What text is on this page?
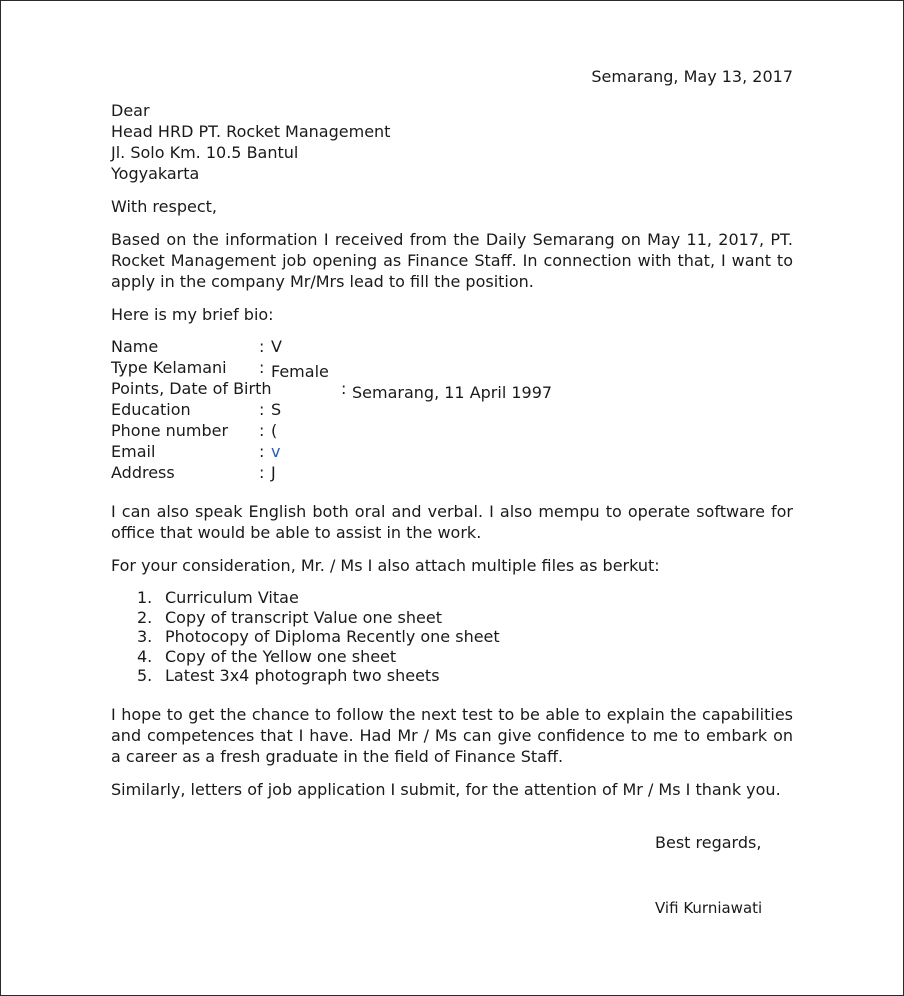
Semarang, May 13, 2017
Dear
Head HRD PT. Rocket Management
Jl. Solo Km. 10.5 Bantul
Yogyakarta
With respect,
Based on the information I received from the Daily Semarang on May 11, 2017, PT. Rocket Management job opening as Finance Staff. In connection with that, I want to apply in the company Mr/Mrs lead to fill the position.
Here is my brief bio:
Name	: V
Type Kelamani : Female
Points, Date of Birth	: Semarang, 11 April 1997
Education	: S
Phone number : (
Email	: v
Address	: J
I can also speak English both oral and verbal. I also mempu to operate software for office that would be able to assist in the work.
For your consideration, Mr. / Ms I also attach multiple files as berkut:
1. Curriculum Vitae
2. Copy of transcript Value one sheet
3. Photocopy of Diploma Recently one sheet
4. Copy of the Yellow one sheet
5. Latest 3x4 photograph two sheets
I hope to get the chance to follow the next test to be able to explain the capabilities and competences that I have. Had Mr / Ms can give confidence to me to embark on a career as a fresh graduate in the field of Finance Staff.
Similarly, letters of job application I submit, for the attention of Mr / Ms I thank you.
Best regards,
Vifi Kurniawati
